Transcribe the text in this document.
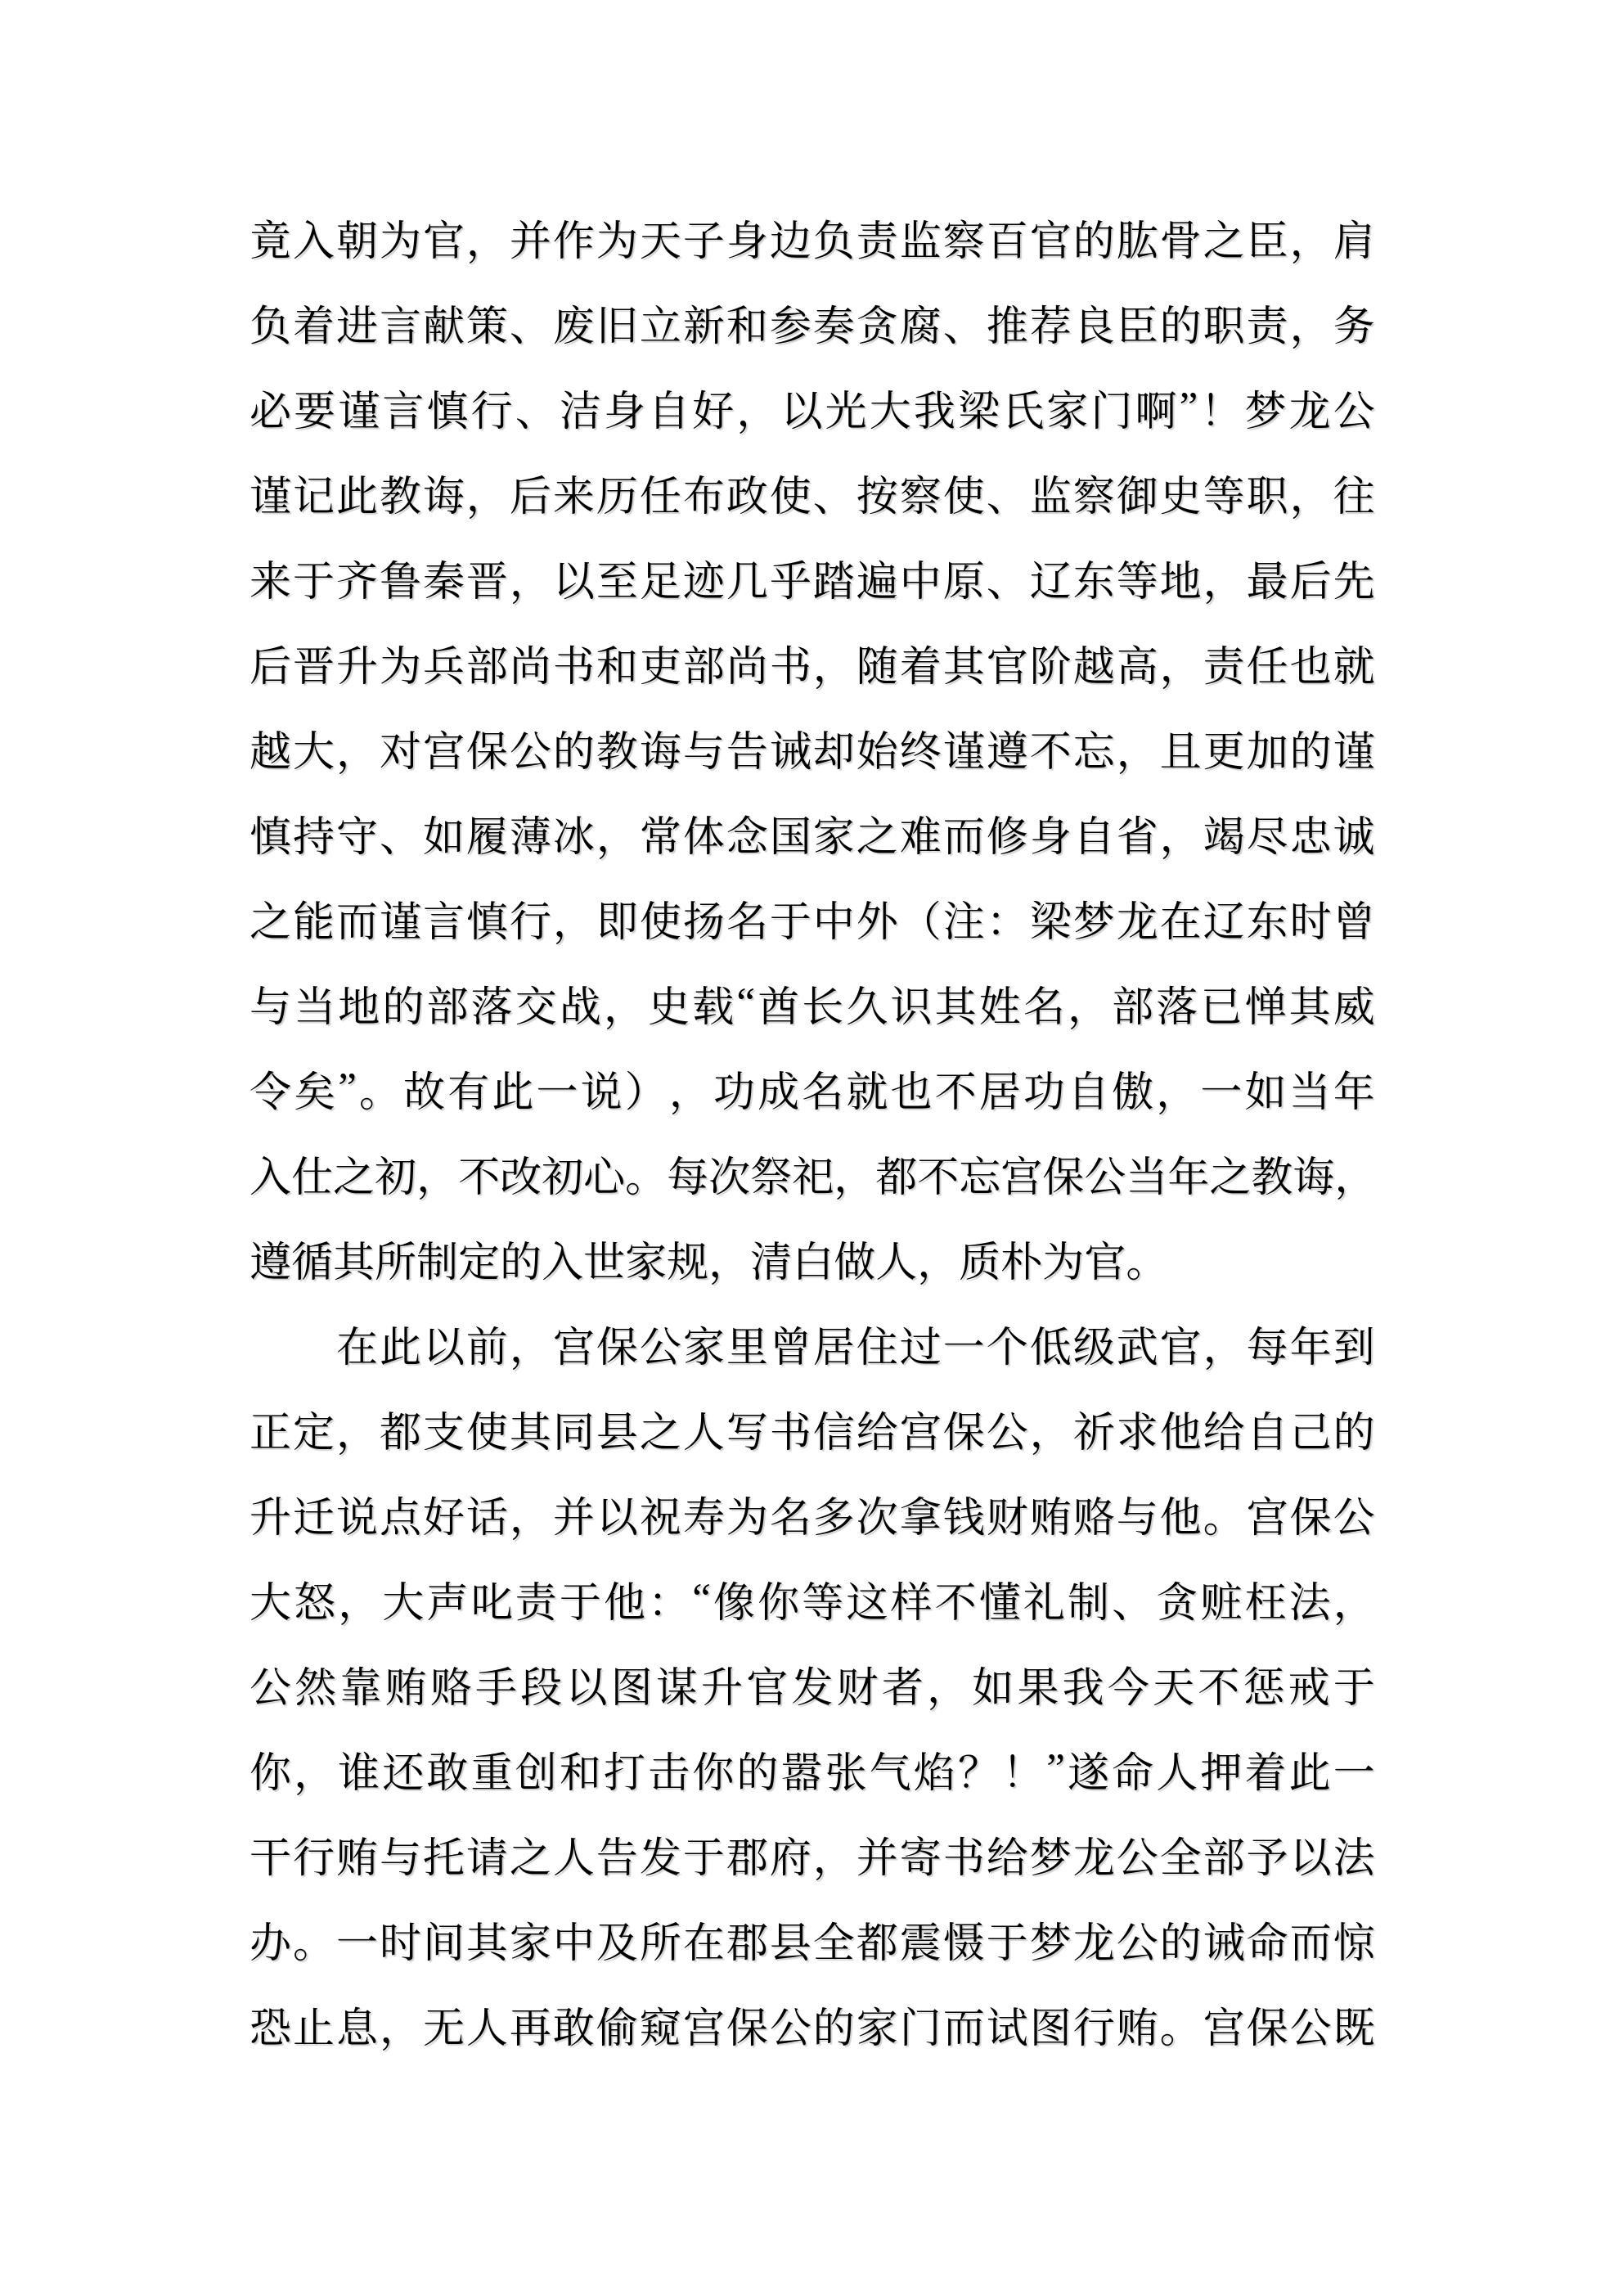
竟 入 朝 为 官 ， 并 作 为 天 子 身 边 负 责 监 察 百 官 的 肱 骨 之 臣 ， 肩
负 着 进 言 献 策 、 废 旧 立 新 和 参 奏 贪 腐 、 推 荐 良 臣 的 职 责 ， 务
必 要 谨 言 慎 行 、 洁 身 自 好 ， 以 光 大 我 梁 氏 家 门 啊 ” ！ 梦 龙 公
谨 记 此 教 诲 ， 后 来 历 任 布 政 使 、 按 察 使 、 监 察 御 史 等 职 ， 往
来 于 齐 鲁 秦 晋 ， 以 至 足 迹 几 乎 踏 遍 中 原 、 辽 东 等 地 ， 最 后 先
后 晋 升 为 兵 部 尚 书 和 吏 部 尚 书 ， 随 着 其 官 阶 越 高 ， 责 任 也 就
越 大 ， 对 宫 保 公 的 教 诲 与 告 诫 却 始 终 谨 遵 不 忘 ， 且 更 加 的 谨
慎 持 守 、 如 履 薄 冰 ， 常 体 念 国 家 之 难 而 修 身 自 省 ， 竭 尽 忠 诚
之 能 而 谨 言 慎 行 ， 即 使 扬 名 于 中 外 （ 注 ： 梁 梦 龙 在 辽 东 时 曾
与 当 地 的 部 落 交 战 ， 史 载 “ 酋 长 久 识 其 姓 名 ， 部 落 已 惮 其 威
令 矣 ” 。 故 有 此 一 说 ） ， 功 成 名 就 也 不 居 功 自 傲 ， 一 如 当 年
入 仕 之 初 ， 不 改 初 心 。 每 次 祭 祀 ， 都 不 忘 宫 保 公 当 年 之 教 诲 ，
遵 循 其 所 制 定 的 入 世 家 规 ， 清 白 做 人 ， 质 朴 为 官 。

在 此 以 前 ， 宫 保 公 家 里 曾 居 住 过 一 个 低 级 武 官 ， 每 年 到
正 定 ， 都 支 使 其 同 县 之 人 写 书 信 给 宫 保 公 ， 祈 求 他 给 自 己 的
升 迁 说 点 好 话 ， 并 以 祝 寿 为 名 多 次 拿 钱 财 贿 赂 与 他 。 宫 保 公
大 怒 ， 大 声 叱 责 于 他 ： “ 像 你 等 这 样 不 懂 礼 制 、 贪 赃 枉 法 ，
公 然 靠 贿 赂 手 段 以 图 谋 升 官 发 财 者 ， 如 果 我 今 天 不 惩 戒 于
你 ， 谁 还 敢 重 创 和 打 击 你 的 嚣 张 气 焰 ？ ！ ” 遂 命 人 押 着 此 一
干 行 贿 与 托 请 之 人 告 发 于 郡 府 ， 并 寄 书 给 梦 龙 公 全 部 予 以 法
办 。 一 时 间 其 家 中 及 所 在 郡 县 全 都 震 慑 于 梦 龙 公 的 诫 命 而 惊
恐 止 息 ， 无 人 再 敢 偷 窥 宫 保 公 的 家 门 而 试 图 行 贿 。 宫 保 公 既
